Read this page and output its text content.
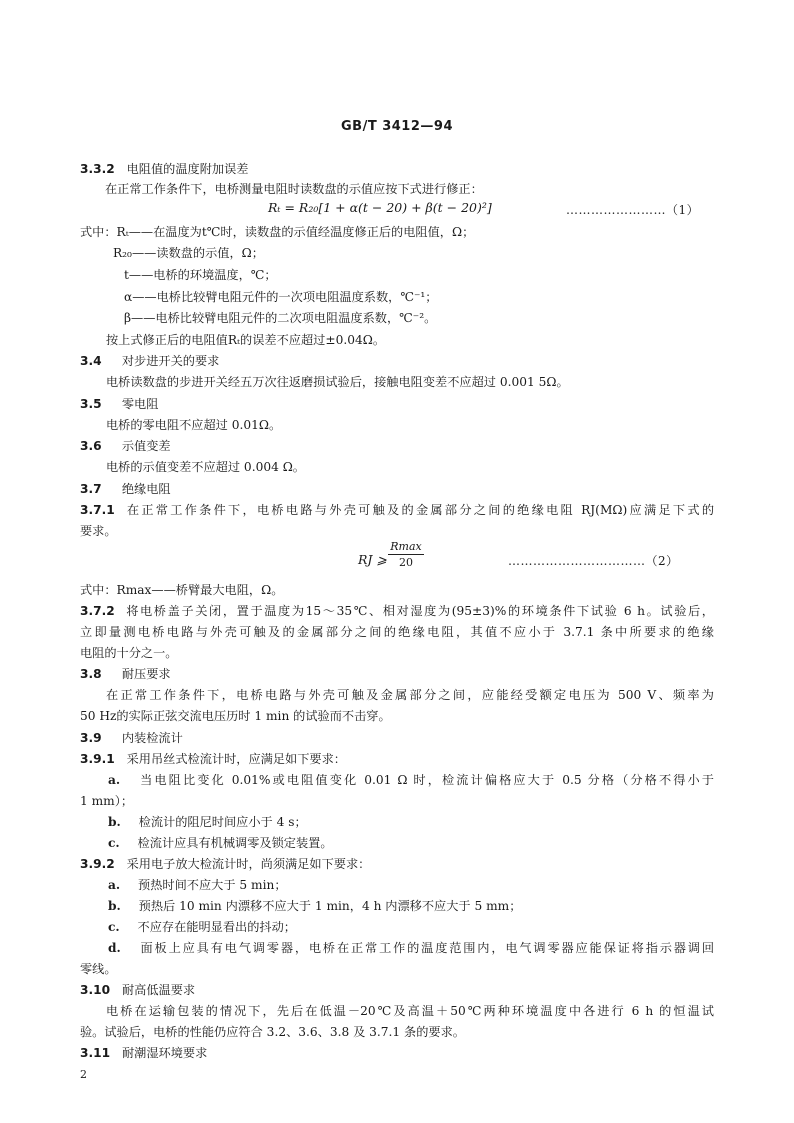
GB/T 3412—94
3.3.2 电阻值的温度附加误差
在正常工作条件下，电桥测量电阻时读数盘的示值应按下式进行修正：
Rₜ = R₂₀[1 + α(t − 20) + β(t − 20)²]	……………………（1）
式中：Rₜ——在温度为t℃时，读数盘的示值经温度修正后的电阻值，Ω；
R₂₀——读数盘的示值，Ω；
t——电桥的环境温度，℃；
α——电桥比较臂电阻元件的一次项电阻温度系数，℃⁻¹；
β——电桥比较臂电阻元件的二次项电阻温度系数，℃⁻²。
按上式修正后的电阻值Rₜ的误差不应超过±0.04Ω。
3.4 对步进开关的要求
电桥读数盘的步进开关经五万次往返磨损试验后，接触电阻变差不应超过 0.001 5Ω。
3.5 零电阻
电桥的零电阻不应超过 0.01Ω。
3.6 示值变差
电桥的示值变差不应超过 0.004 Ω。
3.7 绝缘电阻
3.7.1 在正常工作条件下，电桥电路与外壳可触及的金属部分之间的绝缘电阻 RJ(MΩ)应满足下式的
要求。
RJ ⩾
Rmax
20	……………………………（2）
式中：Rmax——桥臂最大电阻，Ω。
3.7.2 将电桥盖子关闭，置于温度为15～35℃、相对湿度为(95±3)%的环境条件下试验 6 h。试验后，
立即量测电桥电路与外壳可触及的金属部分之间的绝缘电阻，其值不应小于 3.7.1 条中所要求的绝缘
电阻的十分之一。
3.8 耐压要求
在正常工作条件下，电桥电路与外壳可触及金属部分之间，应能经受额定电压为 500 V、频率为
50 Hz的实际正弦交流电压历时 1 min 的试验而不击穿。
3.9 内装检流计
3.9.1 采用吊丝式检流计时，应满足如下要求：
a. 当电阻比变化 0.01%或电阻值变化 0.01 Ω 时，检流计偏格应大于 0.5 分格（分格不得小于
1 mm）；
b. 检流计的阻尼时间应小于 4 s；
c. 检流计应具有机械调零及锁定装置。
3.9.2 采用电子放大检流计时，尚须满足如下要求：
a. 预热时间不应大于 5 min；
b. 预热后 10 min 内漂移不应大于 1 min，4 h 内漂移不应大于 5 mm；
c. 不应存在能明显看出的抖动；
d. 面板上应具有电气调零器，电桥在正常工作的温度范围内，电气调零器应能保证将指示器调回
零线。
3.10 耐高低温要求
电桥在运输包装的情况下，先后在低温－20℃及高温＋50℃两种环境温度中各进行 6 h 的恒温试
验。试验后，电桥的性能仍应符合 3.2、3.6、3.8 及 3.7.1 条的要求。
3.11 耐潮湿环境要求
2
